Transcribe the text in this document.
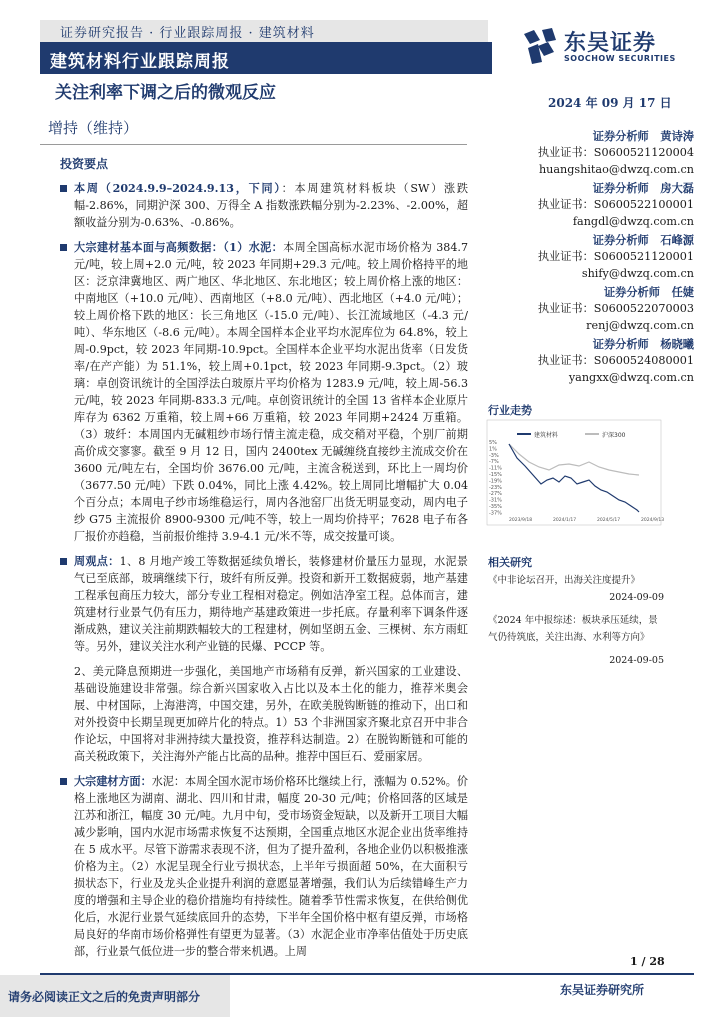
证券研究报告 · 行业跟踪周报 · 建筑材料
建筑材料行业跟踪周报
东吴证券
SOOCHOW SECURITIES
关注利率下调之后的微观反应	2024 年 09 月 17 日
增持（维持）
投资要点
本周（2024.9.9–2024.9.13，下同）：本周建筑材料板块（SW）涨跌幅-2.86%，同期沪深 300、万得全 A 指数涨跌幅分别为-2.23%、-2.00%，超额收益分别为-0.63%、-0.86%。
大宗建材基本面与高频数据：（1）水泥：本周全国高标水泥市场价格为 384.7 元/吨，较上周+2.0 元/吨，较 2023 年同期+29.3 元/吨。较上周价格持平的地区：泛京津冀地区、两广地区、华北地区、东北地区；较上周价格上涨的地区：中南地区（+10.0 元/吨）、西南地区（+8.0 元/吨）、西北地区（+4.0 元/吨）；较上周价格下跌的地区：长三角地区（-15.0 元/吨）、长江流域地区（-4.3 元/吨）、华东地区（-8.6 元/吨）。本周全国样本企业平均水泥库位为 64.8%，较上周-0.9pct，较 2023 年同期-10.9pct。全国样本企业平均水泥出货率（日发货率/在产产能）为 51.1%，较上周+0.1pct，较 2023 年同期-9.3pct。（2）玻璃：卓创资讯统计的全国浮法白玻原片平均价格为 1283.9 元/吨，较上周-56.3 元/吨，较 2023 年同期-833.3 元/吨。卓创资讯统计的全国 13 省样本企业原片库存为 6362 万重箱，较上周+66 万重箱，较 2023 年同期+2424 万重箱。（3）玻纤：本周国内无碱粗纱市场行情主流走稳，成交稍对平稳，个别厂前期高价成交寥寥。截至 9 月 12 日，国内 2400tex 无碱缠绕直接纱主流成交价在 3600 元/吨左右，全国均价 3676.00 元/吨，主流含税送到，环比上一周均价（3677.50 元/吨）下跌 0.04%，同比上涨 4.42%。较上周同比增幅扩大 0.04 个百分点；本周电子纱市场维稳运行，周内各池窑厂出货无明显变动，周内电子纱 G75 主流报价 8900-9300 元/吨不等，较上一周均价持平；7628 电子布各厂报价亦趋稳，当前报价维持 3.9-4.1 元/米不等，成交按量可谈。
周观点：1、8 月地产竣工等数据延续负增长，装修建材价量压力显现，水泥景气已至底部，玻璃继续下行，玻纤有所反弹。投资和新开工数据疲弱，地产基建工程承包商压力较大，部分专业工程相对稳定。例如洁净室工程。总体而言，建筑建材行业景气仍有压力，期待地产基建政策进一步托底。存量利率下调条件逐渐成熟，建议关注前期跌幅较大的工程建材，例如坚朗五金、三棵树、东方雨虹等。另外，建议关注水利产业链的民爆、PCCP 等。
2、美元降息预期进一步强化，美国地产市场稍有反弹，新兴国家的工业建设、基础设施建设非常强。综合新兴国家收入占比以及本土化的能力，推荐米奥会展、中材国际，上海港湾，中国交建，另外，在欧美脱钩断链的推动下，出口和对外投资中长期呈现更加碎片化的特点。1）53 个非洲国家齐聚北京召开中非合作论坛，中国将对非洲持续大量投资，推荐科达制造。2）在脱钩断链和可能的高关税政策下，关注海外产能占比高的品种。推荐中国巨石、爱丽家居。
大宗建材方面：水泥：本周全国水泥市场价格环比继续上行，涨幅为 0.52%。价格上涨地区为湖南、湖北、四川和甘肃，幅度 20-30 元/吨；价格回落的区域是江苏和浙江，幅度 30 元/吨。九月中旬，受市场资金短缺，以及新开工项目大幅减少影响，国内水泥市场需求恢复不达预期，全国重点地区水泥企业出货率维持在 5 成水平。尽管下游需求表现不济，但为了提升盈利，各地企业仍以积极推涨价格为主。（2）水泥呈现全行业亏损状态，上半年亏损面超 50%，在大面积亏损状态下，行业及龙头企业提升利润的意愿显著增强，我们认为后续错峰生产力度的增强和主导企业的稳价措施均有持续性。随着季节性需求恢复，在供给侧优化后，水泥行业景气延续底回升的态势，下半年全国价格中枢有望反弹，市场格局良好的华南市场价格弹性有望更为显著。（3）水泥企业市净率估值处于历史底部，行业景气低位进一步的整合带来机遇。上周
证券分析师 黄诗涛
执业证书：S0600521120004
huangshitao@dwzq.com.cn
证券分析师 房大磊
执业证书：S0600522100001
fangdl@dwzq.com.cn
证券分析师 石峰源
执业证书：S0600521120001
shify@dwzq.com.cn
证券分析师 任婕
执业证书：S0600522070003
renj@dwzq.com.cn
证券分析师 杨晓曦
执业证书：S0600524080001
yangxx@dwzq.com.cn
行业走势
建筑材料	沪深300
5%
1%
-3%
-7%
-11%
-15%
-19%
-23%
-27%
-31%
-35%
-37%
2023/9/18	2024/1/17	2024/5/17	2024/9/13
相关研究
《中非论坛召开，出海关注度提升》
2024-09-09
《2024 年中报综述：板块承压延续，景气仍待筑底，关注出海、水利等方向》
2024-09-05
1 / 28
请务必阅读正文之后的免责声明部分	东吴证券研究所
